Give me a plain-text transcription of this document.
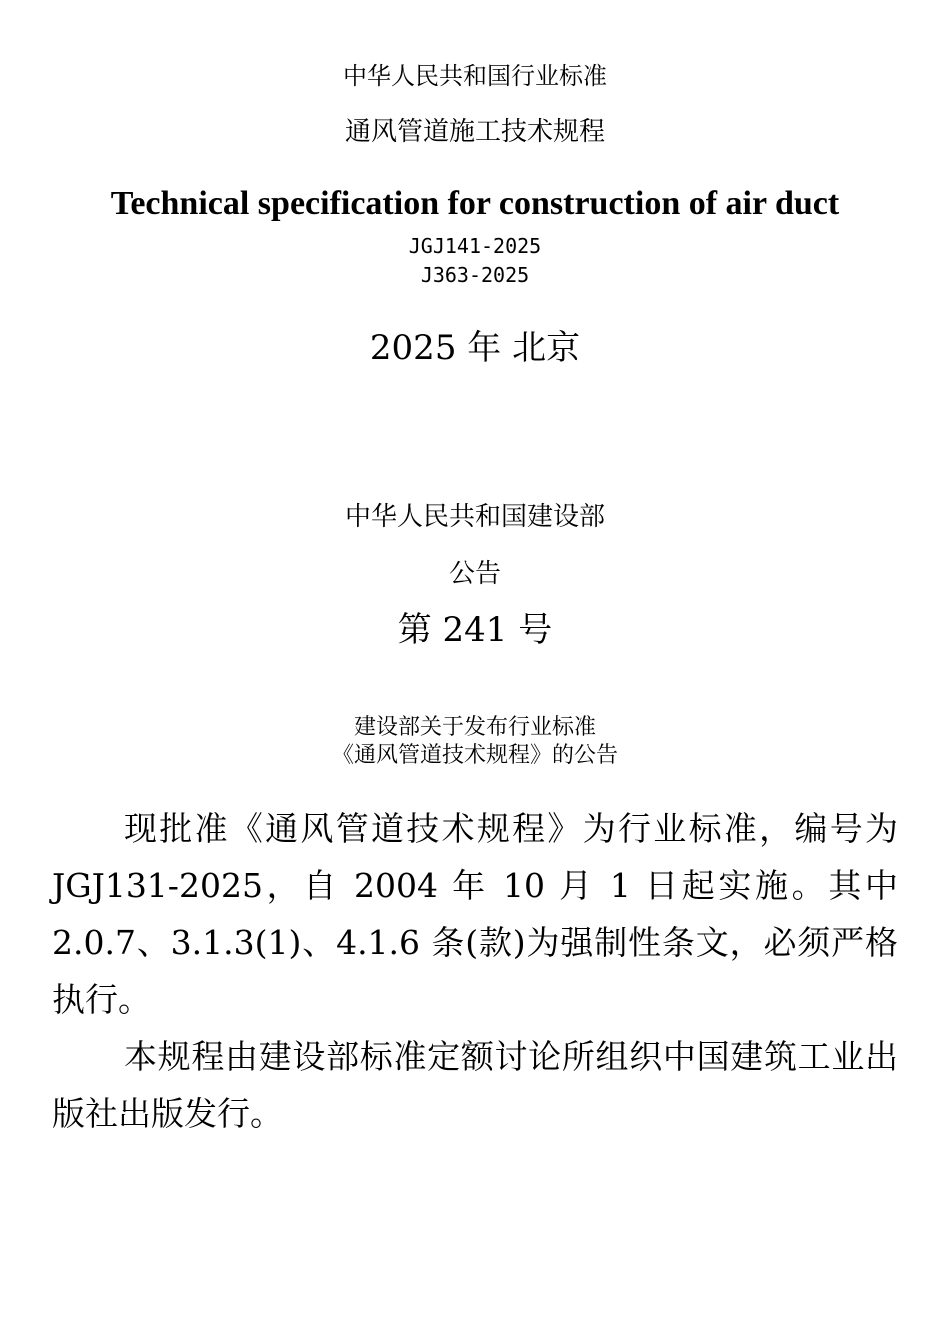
中华人民共和国行业标准
通风管道施工技术规程
Technical specification for construction of air duct
JGJ141-2025
J363-2025
2025 年 北京
中华人民共和国建设部
公告
第 241 号
建设部关于发布行业标准
《通风管道技术规程》的公告
现批准《通风管道技术规程》为行业标准，编号为 JGJ131-2025，自 2004 年 10 月 1 日起实施。其中2.0.7、3.1.3(1)、4.1.6 条(款)为强制性条文，必须严格执行。
本规程由建设部标准定额讨论所组织中国建筑工业出版社出版发行。
